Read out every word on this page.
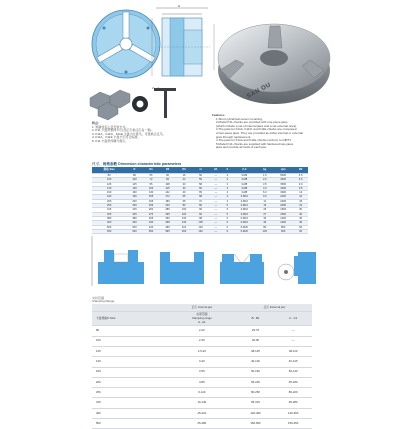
H
SAN OU
Features
1.Short cylindrical center mounting.
2.Model K11 chucks are provided with one-piece jaws
(which include a set of internal jaws and a set external ones).
3.The jaws for K11A, K11D, and K11E chucks are composed
of two-piece jaws. They are provided as either internal or external
jaws through replacement.
4.The jaws for K11A and K11E chucks conform to GB/T1
5.Model K11 chucks are supplied with hardened two-piece
jaws and provide air back of each jaw.
Z – d
特点:
1. 短圆柱定心及安装方式。
2. K11 卡盘带整体卡爪(含正爪和反爪各一套)。
3. K11A、K11D、K11E 卡盘为分离爪，可更换正反爪。
4. K11A、K11E 卡盘卡爪符合标准。
5. K11 卡盘带淬硬分离爪。
尺寸、规格参数 Dimension characteristic parameters
规格 Size	D	D1	D2	D3	H	H1	h	Z-d	kg	rpm	kN
80	80	55	66	16	50	—	3	3-M6	1.5	5000	4.5
100	100	72	84	22	55	—	3	3-M8	2.0	4000	6.0
125	125	95	108	30	58	—	3	3-M8	3.5	3500	9.0
130	130	100	115	30	60	—	3	3-M8	4.0	3200	9.5
160	160	130	142	40	65	—	4	3-M8	6.0	3000	14
190	190	155	172	55	68	—	4	3-M10	9.0	2400	16
200	200	165	180	65	72	—	4	3-M10	11	2200	18
250	250	206	226	80	80	—	5	3-M12	16	2000	24
315	315	260	285	100	90	—	5	3-M16	26	1600	30
325	325	270	295	100	92	—	5	3-M16	27	1500	30
380	380	325	350	130	98	—	6	6-M16	40	1200	36
400	400	340	368	130	105	—	6	6-M16	46	1000	40
500	500	440	465	210	120	—	6	6-M20	80	800	50
630	630	560	595	260	140	—	6	6-M20	130	600	60
夹持范围
Clamping Range
	正爪 Internal jaw	反爪 External jaw	
卡盘规格D Size	夹紧范围
Clamping range
A - A1	B - B1	C - C1
80	2-22	25-70	—
100	2-30	30-90	—
125	2.5-40	38-125	38-110
130	3-40	40-130	40-125
160	3-55	50-160	50-140
200	4-85	65-200	65-180
250	6-110	80-250	80-220
315	10-140	95-315	95-280
400	15-210	120-400	120-360
500	25-280	150-500	150-450
